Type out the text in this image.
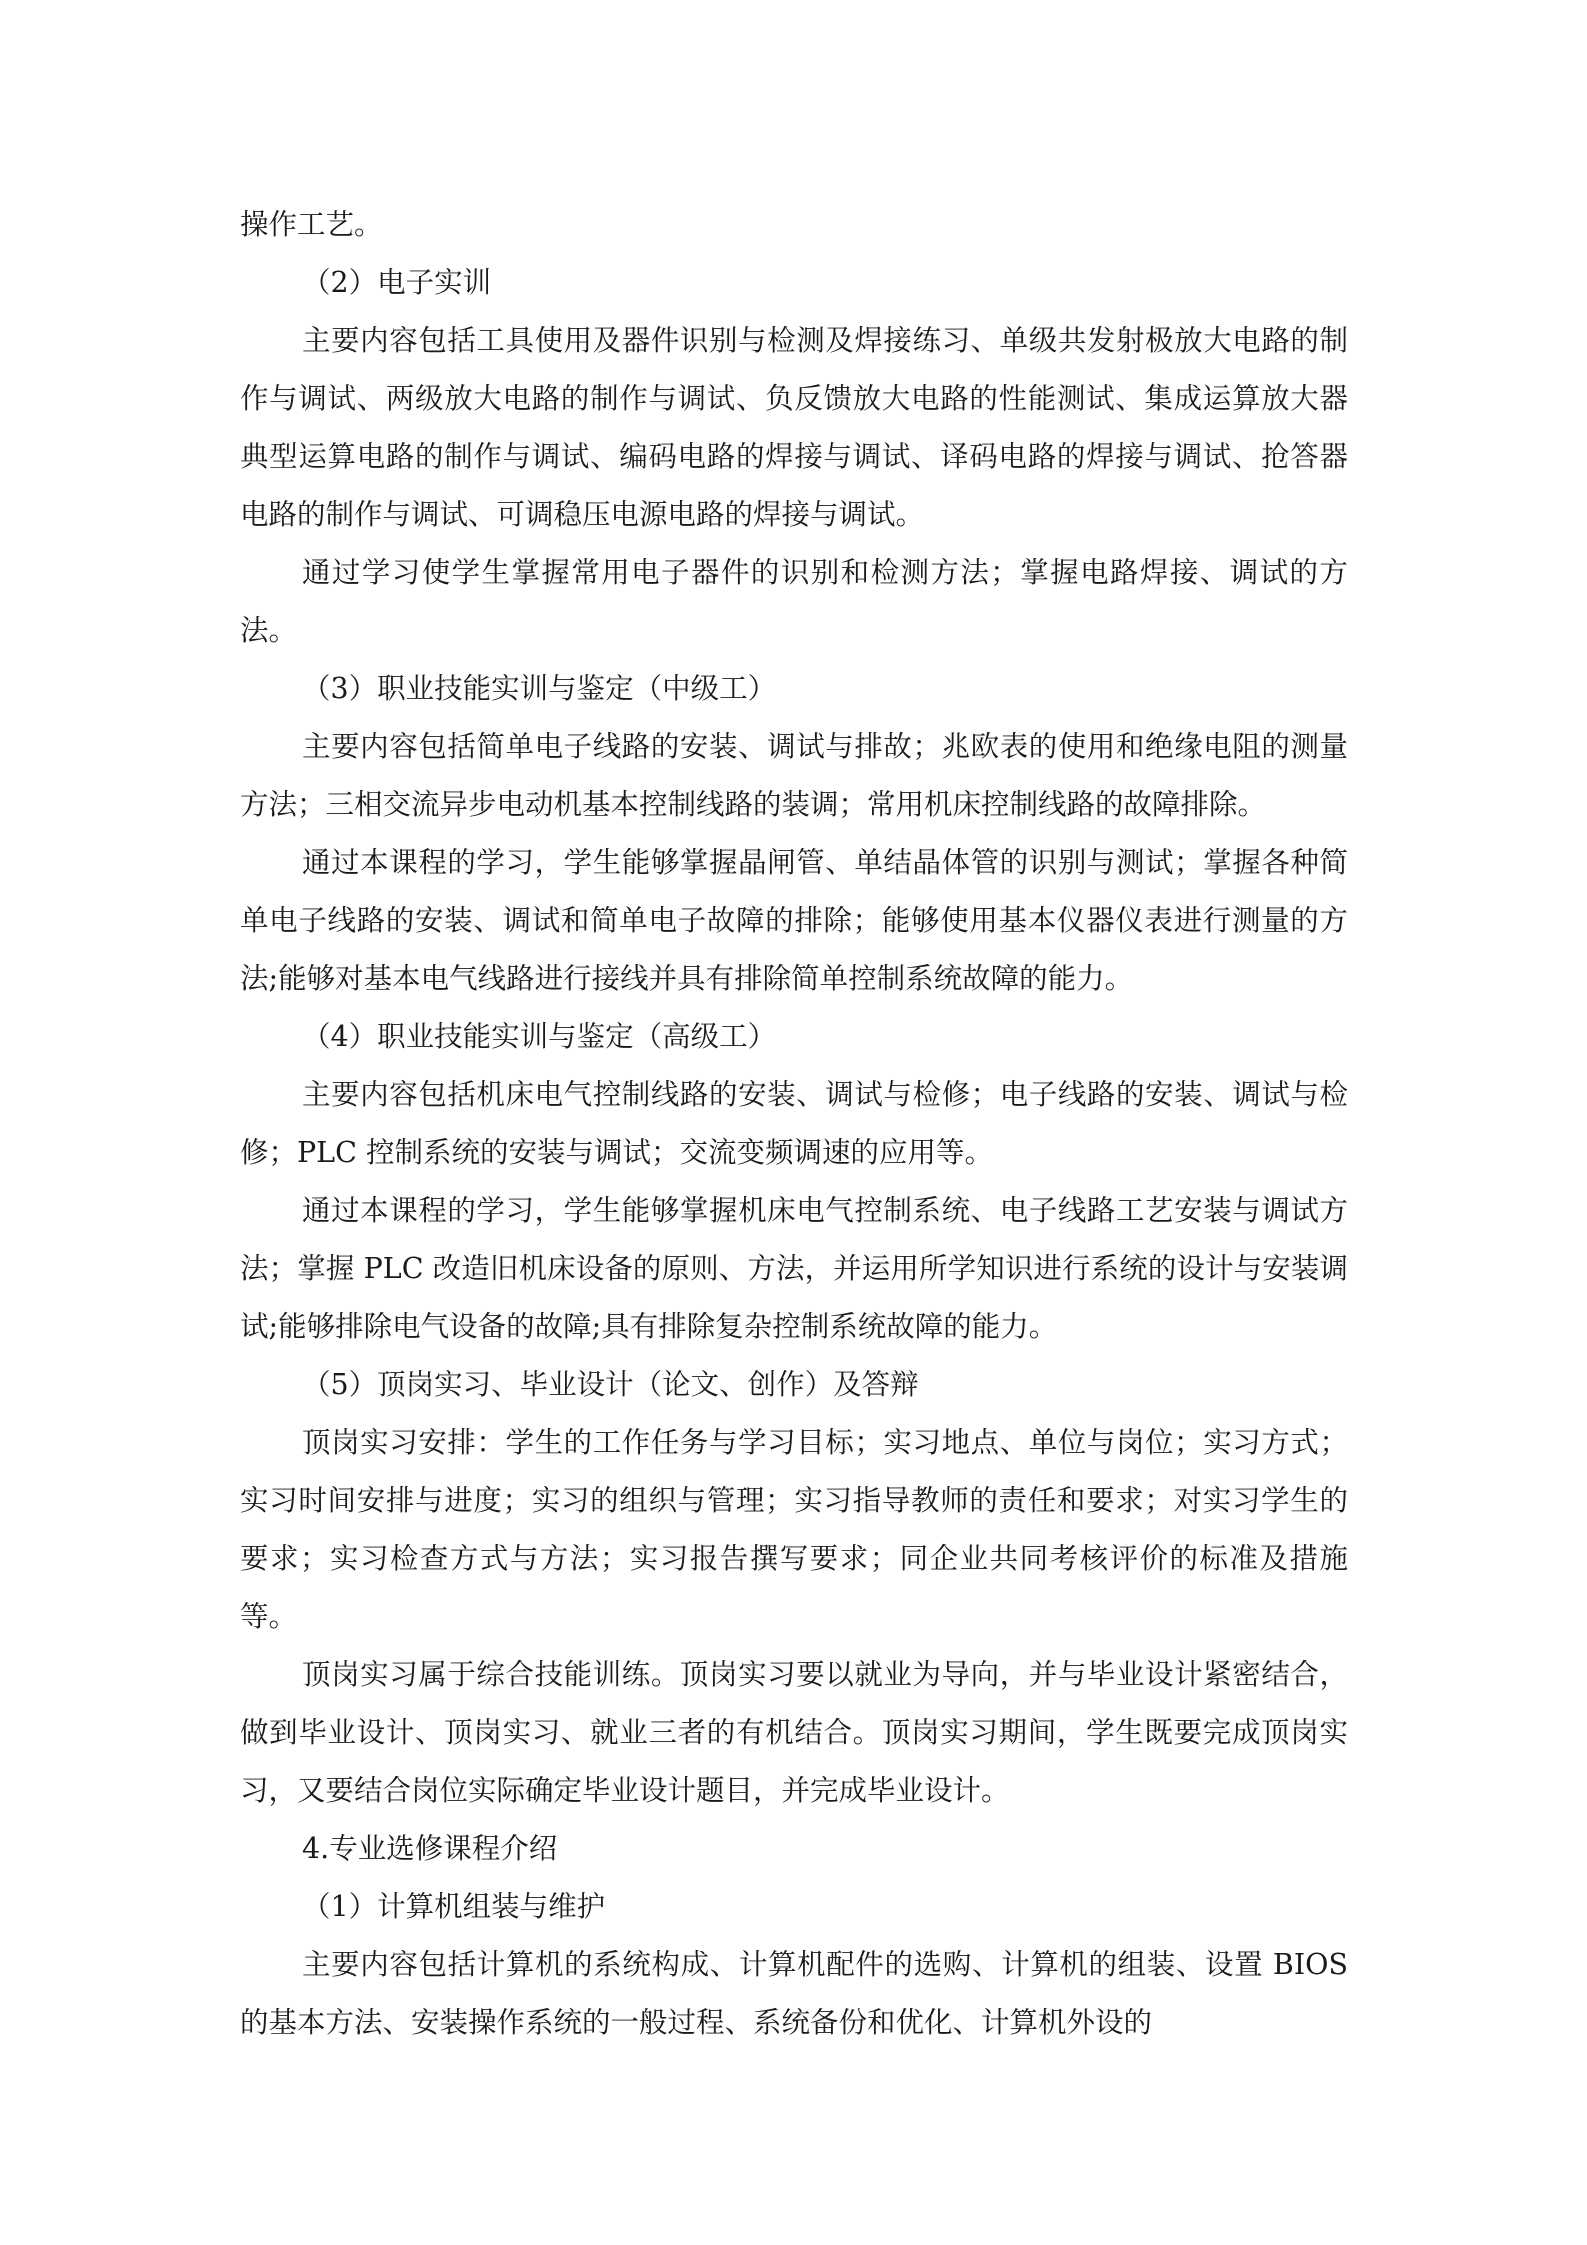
操作工艺。

（2）电子实训

主要内容包括工具使用及器件识别与检测及焊接练习、单级共发射极放大电路的制作与调试、两级放大电路的制作与调试、负反馈放大电路的性能测试、集成运算放大器典型运算电路的制作与调试、编码电路的焊接与调试、译码电路的焊接与调试、抢答器电路的制作与调试、可调稳压电源电路的焊接与调试。

通过学习使学生掌握常用电子器件的识别和检测方法；掌握电路焊接、调试的方法。

（3）职业技能实训与鉴定（中级工）

主要内容包括简单电子线路的安装、调试与排故；兆欧表的使用和绝缘电阻的测量方法；三相交流异步电动机基本控制线路的装调；常用机床控制线路的故障排除。

通过本课程的学习，学生能够掌握晶闸管、单结晶体管的识别与测试；掌握各种简单电子线路的安装、调试和简单电子故障的排除；能够使用基本仪器仪表进行测量的方法;能够对基本电气线路进行接线并具有排除简单控制系统故障的能力。

（4）职业技能实训与鉴定（高级工）

主要内容包括机床电气控制线路的安装、调试与检修；电子线路的安装、调试与检修；PLC 控制系统的安装与调试；交流变频调速的应用等。

通过本课程的学习，学生能够掌握机床电气控制系统、电子线路工艺安装与调试方法；掌握 PLC 改造旧机床设备的原则、方法，并运用所学知识进行系统的设计与安装调试;能够排除电气设备的故障;具有排除复杂控制系统故障的能力。

（5）顶岗实习、毕业设计（论文、创作）及答辩

顶岗实习安排：学生的工作任务与学习目标；实习地点、单位与岗位；实习方式；实习时间安排与进度；实习的组织与管理；实习指导教师的责任和要求；对实习学生的要求；实习检查方式与方法；实习报告撰写要求；同企业共同考核评价的标准及措施等。

顶岗实习属于综合技能训练。顶岗实习要以就业为导向，并与毕业设计紧密结合，做到毕业设计、顶岗实习、就业三者的有机结合。顶岗实习期间，学生既要完成顶岗实习，又要结合岗位实际确定毕业设计题目，并完成毕业设计。

4.专业选修课程介绍

（1）计算机组装与维护

主要内容包括计算机的系统构成、计算机配件的选购、计算机的组装、设置 BIOS 的基本方法、安装操作系统的一般过程、系统备份和优化、计算机外设的
